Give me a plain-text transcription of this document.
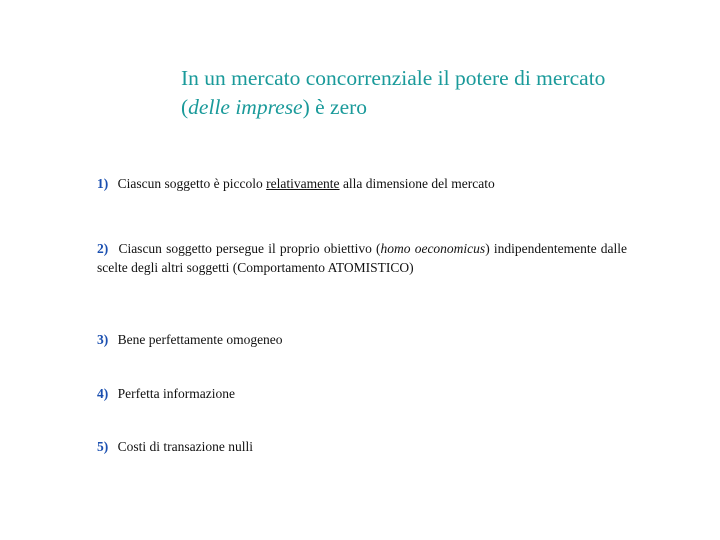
In un mercato concorrenziale il potere di mercato (delle imprese) è zero
1) Ciascun soggetto è piccolo relativamente alla dimensione del mercato
2) Ciascun soggetto persegue il proprio obiettivo (homo oeconomicus) indipendentemente dalle scelte degli altri soggetti (Comportamento ATOMISTICO)
3) Bene perfettamente omogeneo
4) Perfetta informazione
5) Costi di transazione nulli
